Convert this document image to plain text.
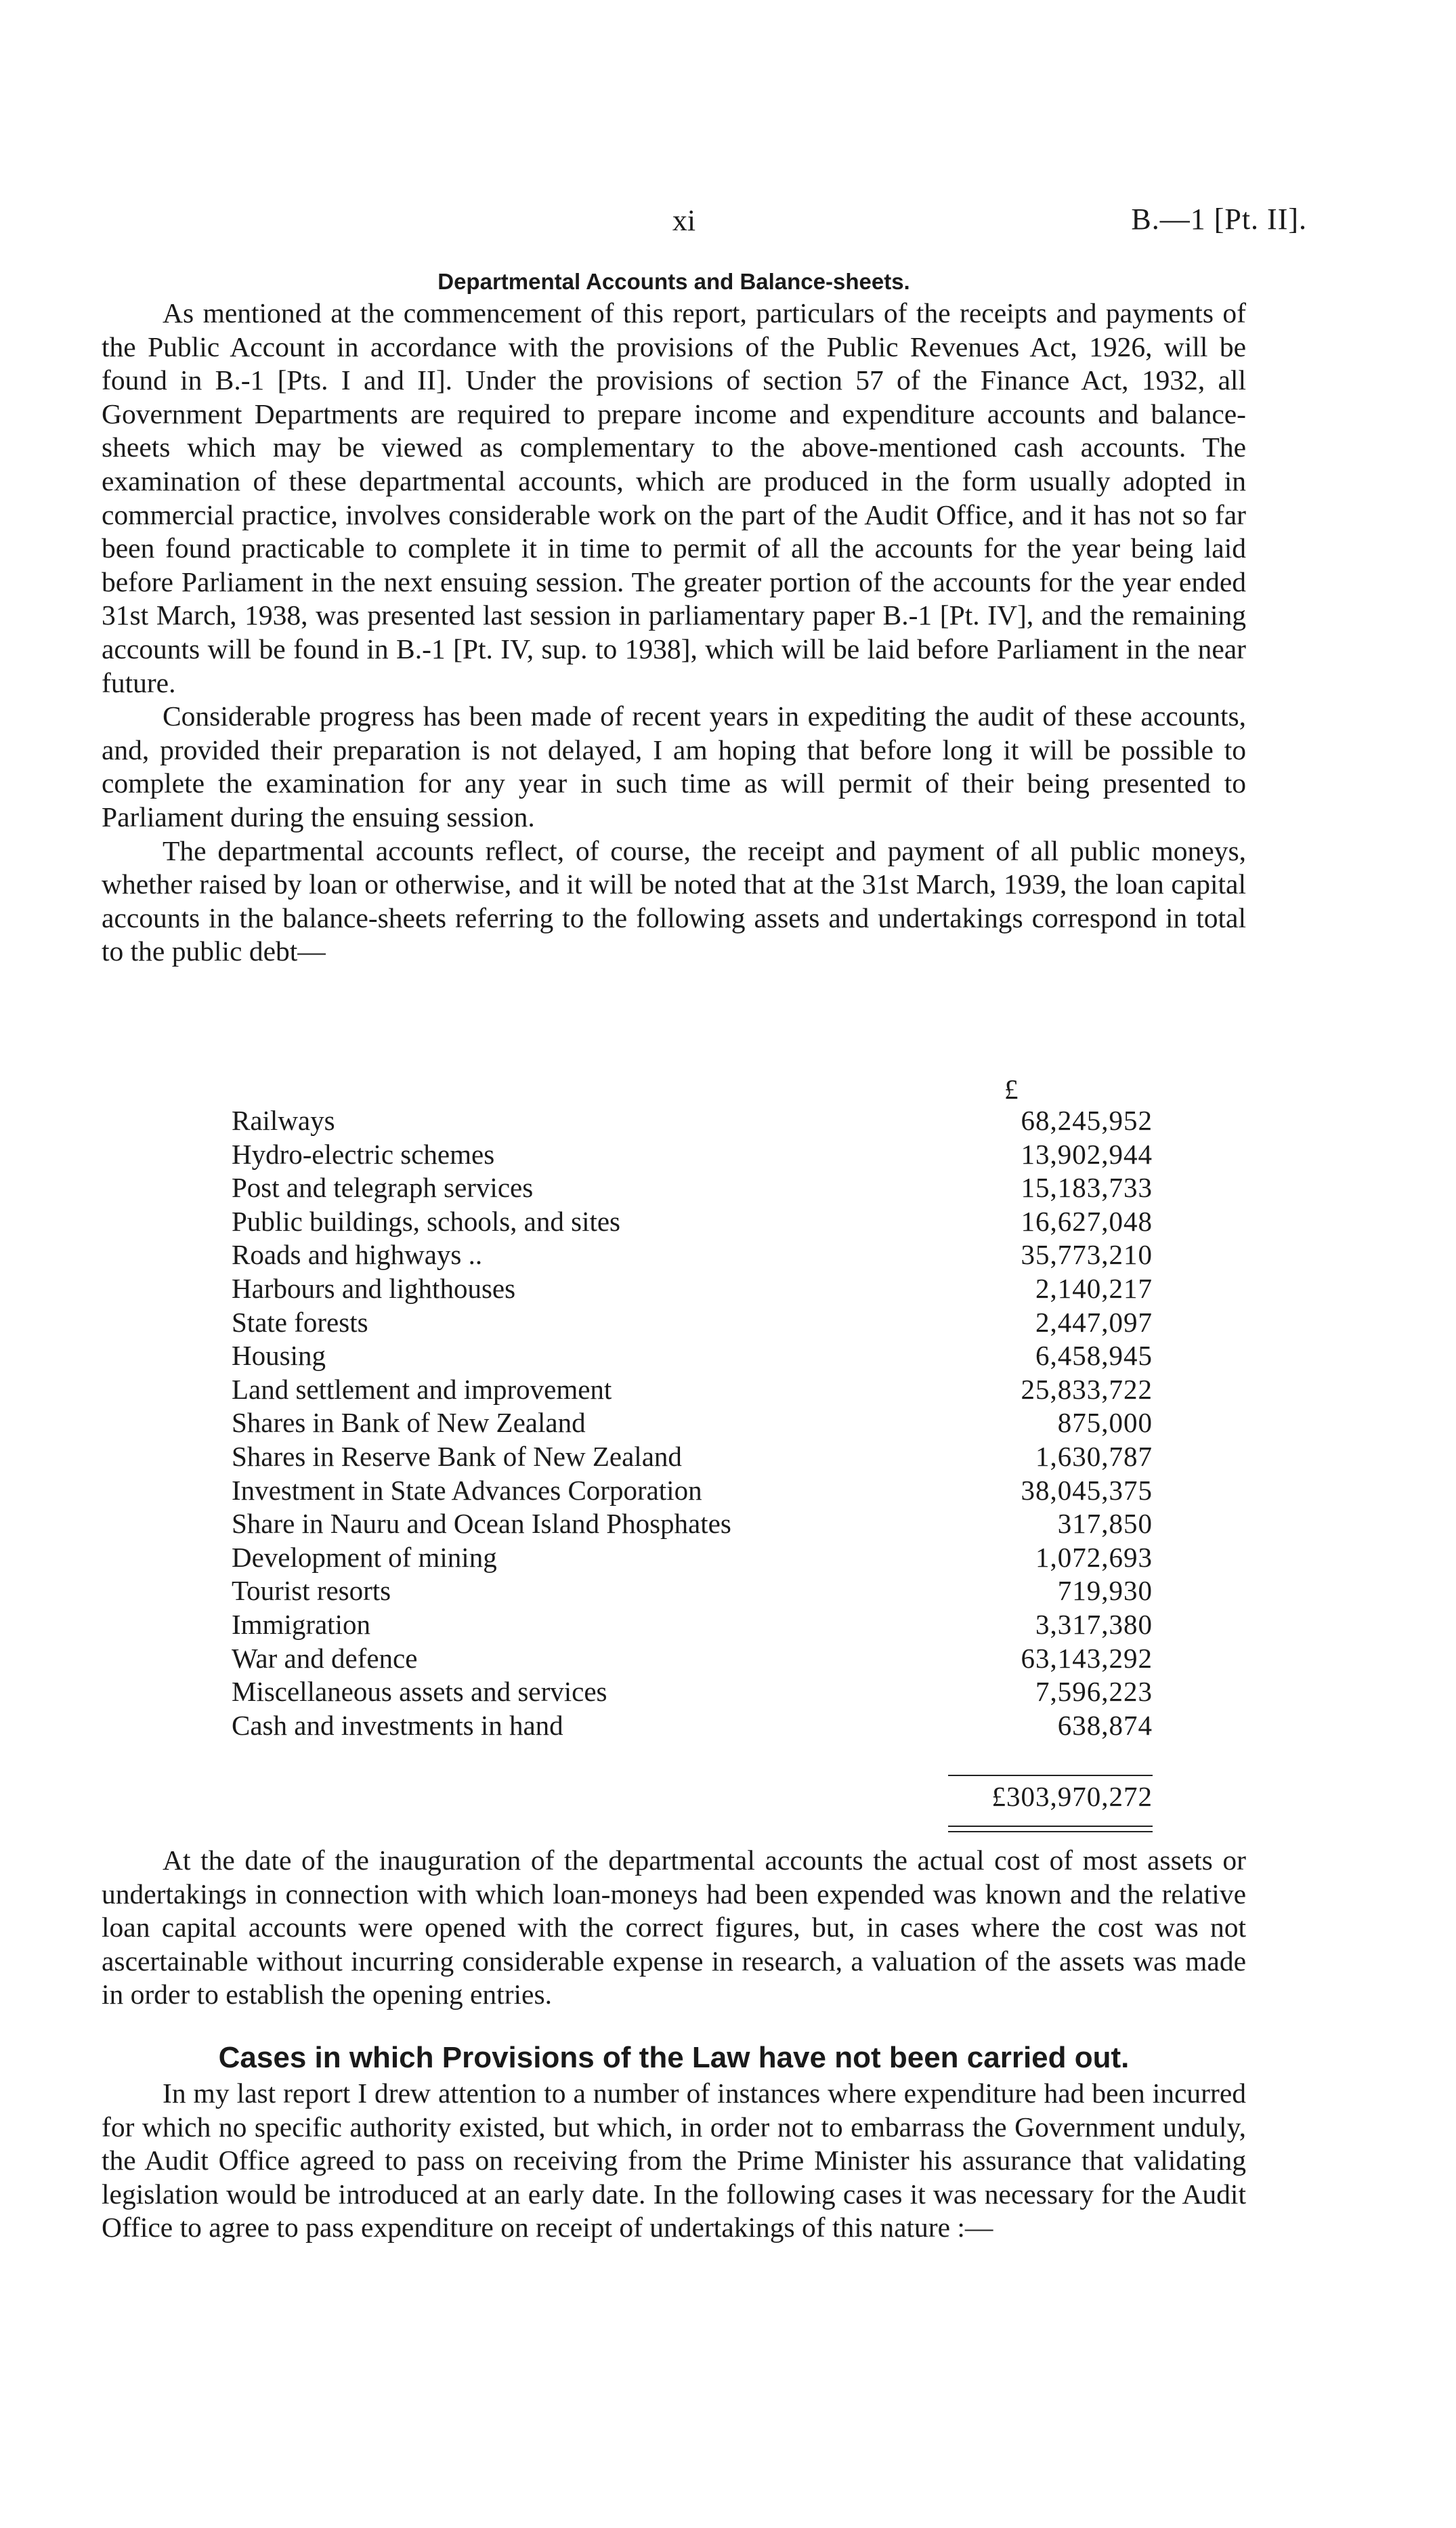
xi	B.—1 [Pt. II].
Departmental Accounts and Balance-sheets.

As mentioned at the commencement of this report, particulars of the receipts and payments of the Public Account in accordance with the provisions of the Public Revenues Act, 1926, will be found in B.-1 [Pts. I and II]. Under the provisions of section 57 of the Finance Act, 1932, all Government Departments are required to prepare income and expenditure accounts and balance-sheets which may be viewed as complementary to the above-mentioned cash accounts. The examination of these departmental accounts, which are produced in the form usually adopted in commercial practice, involves considerable work on the part of the Audit Office, and it has not so far been found practicable to complete it in time to permit of all the accounts for the year being laid before Parliament in the next ensuing session. The greater portion of the accounts for the year ended 31st March, 1938, was presented last session in parliamentary paper B.-1 [Pt. IV], and the remaining accounts will be found in B.-1 [Pt. IV, sup. to 1938], which will be laid before Parliament in the near future.

Considerable progress has been made of recent years in expediting the audit of these accounts, and, provided their preparation is not delayed, I am hoping that before long it will be possible to complete the examination for any year in such time as will permit of their being presented to Parliament during the ensuing session.

The departmental accounts reflect, of course, the receipt and payment of all public moneys, whether raised by loan or otherwise, and it will be noted that at the 31st March, 1939, the loan capital accounts in the balance-sheets referring to the following assets and undertakings correspond in total to the public debt—

£
Railways	68,245,952
Hydro-electric schemes	13,902,944
Post and telegraph services	15,183,733
Public buildings, schools, and sites	16,627,048
Roads and highways ..	35,773,210
Harbours and lighthouses	2,140,217
State forests	2,447,097
Housing	6,458,945
Land settlement and improvement	25,833,722
Shares in Bank of New Zealand	875,000
Shares in Reserve Bank of New Zealand	1,630,787
Investment in State Advances Corporation	38,045,375
Share in Nauru and Ocean Island Phosphates	317,850
Development of mining	1,072,693
Tourist resorts	719,930
Immigration	3,317,380
War and defence	63,143,292
Miscellaneous assets and services	7,596,223
Cash and investments in hand	638,874
£303,970,272

At the date of the inauguration of the departmental accounts the actual cost of most assets or undertakings in connection with which loan-moneys had been expended was known and the relative loan capital accounts were opened with the correct figures, but, in cases where the cost was not ascertainable without incurring considerable expense in research, a valuation of the assets was made in order to establish the opening entries.

Cases in which Provisions of the Law have not been carried out.

In my last report I drew attention to a number of instances where expenditure had been incurred for which no specific authority existed, but which, in order not to embarrass the Government unduly, the Audit Office agreed to pass on receiving from the Prime Minister his assurance that validating legislation would be introduced at an early date. In the following cases it was necessary for the Audit Office to agree to pass expenditure on receipt of undertakings of this nature :—
